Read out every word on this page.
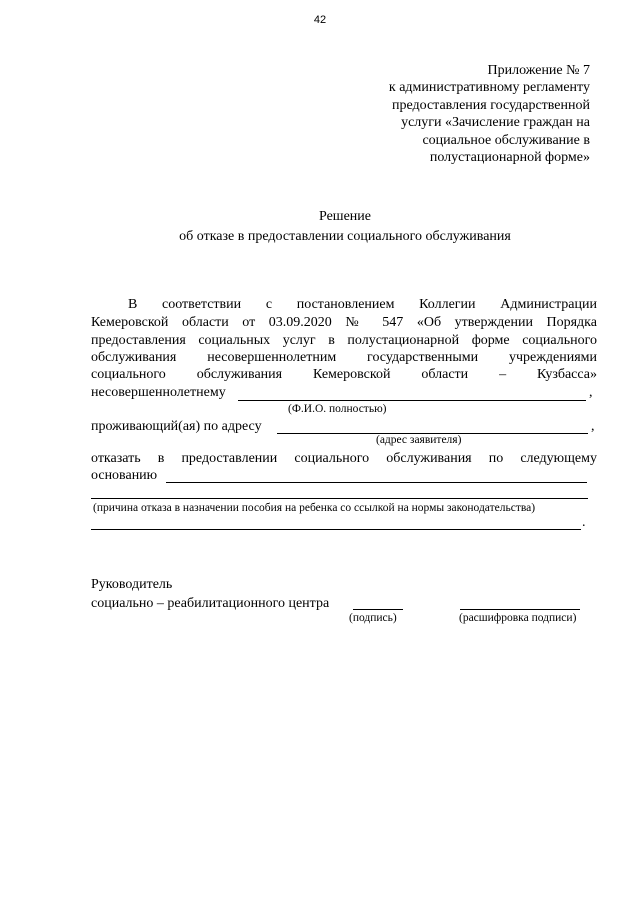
42
Приложение № 7
к административному регламенту
предоставления государственной
услуги «Зачисление граждан на
социальное обслуживание в
полустационарной форме»
Решение
об отказе в предоставлении социального обслуживания
В соответствии с постановлением Коллегии Администрации
Кемеровской области от 03.09.2020 № 547 «Об утверждении Порядка
предоставления социальных услуг в полустационарной форме социального
обслуживания несовершеннолетним государственными учреждениями
социального обслуживания Кемеровской области – Кузбасса»
несовершеннолетнему	,
(Ф.И.О. полностью)
проживающий(ая) по адресу	,
(адрес заявителя)
отказать в предоставлении социального обслуживания по следующему
основанию
(причина отказа в назначении пособия на ребенка со ссылкой на нормы законодательства)
.
Руководитель
социально – реабилитационного центра
(подпись)	(расшифровка подписи)
